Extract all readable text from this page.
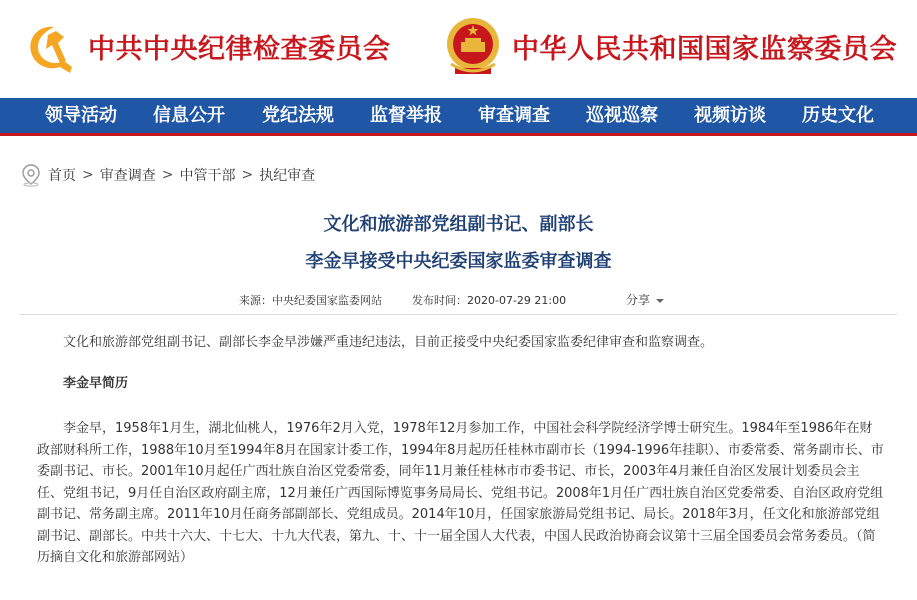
中共中央纪律检查委员会	中华人民共和国国家监察委员会
领导活动 信息公开 党纪法规 监督举报 审查调查 巡视巡察 视频访谈 历史文化
首页 > 审查调查 > 中管干部 > 执纪审查
文化和旅游部党组副书记、副部长
李金早接受中央纪委国家监委审查调查
来源：中央纪委国家监委网站	发布时间：2020-07-29 21:00	分享

文化和旅游部党组副书记、副部长李金早涉嫌严重违纪违法，目前正接受中央纪委国家监委纪律审查和监察调查。

李金早简历

李金早，1958年1月生，湖北仙桃人，1976年2月入党，1978年12月参加工作，中国社会科学院经济学博士研究生。1984年至1986年在财政部财科所工作，1988年10月至1994年8月在国家计委工作，1994年8月起历任桂林市副市长（1994-1996年挂职）、市委常委、常务副市长、市委副书记、市长。2001年10月起任广西壮族自治区党委常委，同年11月兼任桂林市市委书记、市长，2003年4月兼任自治区发展计划委员会主任、党组书记，9月任自治区政府副主席，12月兼任广西国际博览事务局局长、党组书记。2008年1月任广西壮族自治区党委常委、自治区政府党组副书记、常务副主席。2011年10月任商务部副部长、党组成员。2014年10月，任国家旅游局党组书记、局长。2018年3月，任文化和旅游部党组副书记、副部长。中共十六大、十七大、十九大代表，第九、十、十一届全国人大代表，中国人民政治协商会议第十三届全国委员会常务委员。（简历摘自文化和旅游部网站）
